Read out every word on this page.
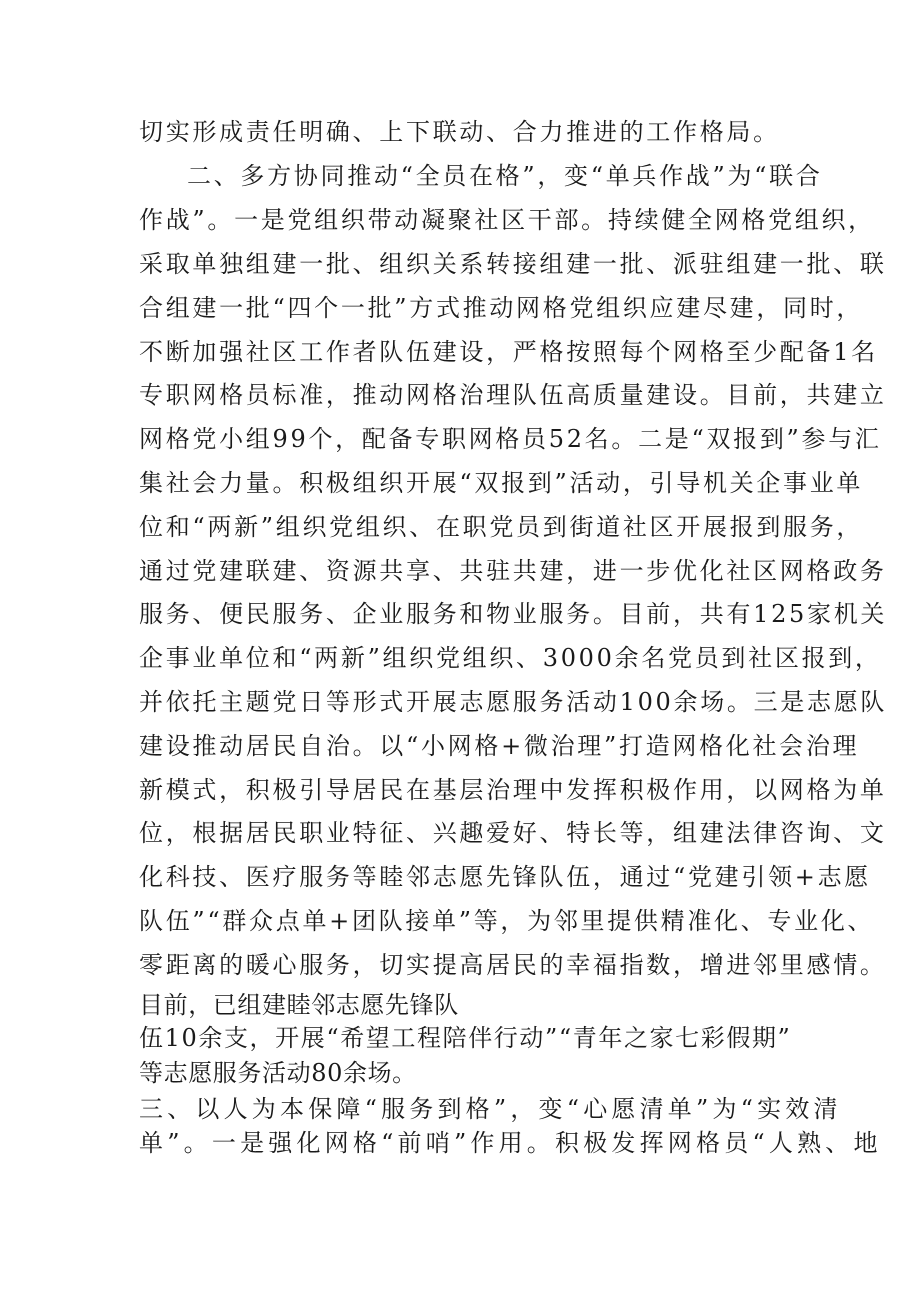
切实形成责任明确、上下联动、合力推进的工作格局。

二、多方协同推动“全员在格”，变“单兵作战”为“联合

作战”。一是党组织带动凝聚社区干部。持续健全网格党组织，

采取单独组建一批、组织关系转接组建一批、派驻组建一批、联

合组建一批“四个一批”方式推动网格党组织应建尽建，同时，

不断加强社区工作者队伍建设，严格按照每个网格至少配备1名

专职网格员标准，推动网格治理队伍高质量建设。目前，共建立

网格党小组99个，配备专职网格员52名。二是“双报到”参与汇

集社会力量。积极组织开展“双报到”活动，引导机关企事业单

位和“两新”组织党组织、在职党员到街道社区开展报到服务，

通过党建联建、资源共享、共驻共建，进一步优化社区网格政务

服务、便民服务、企业服务和物业服务。目前，共有125家机关

企事业单位和“两新”组织党组织、3000余名党员到社区报到，

并依托主题党日等形式开展志愿服务活动100余场。三是志愿队

建设推动居民自治。以“小网格+微治理”打造网格化社会治理

新模式，积极引导居民在基层治理中发挥积极作用，以网格为单

位，根据居民职业特征、兴趣爱好、特长等，组建法律咨询、文

化科技、医疗服务等睦邻志愿先锋队伍，通过“党建引领+志愿

队伍”“群众点单+团队接单”等，为邻里提供精准化、专业化、

零距离的暖心服务，切实提高居民的幸福指数，增进邻里感情。

目前，已组建睦邻志愿先锋队

伍10余支，开展“希望工程陪伴行动”“青年之家七彩假期”

等志愿服务活动80余场。

三、以人为本保障“服务到格”，变“心愿清单”为“实效清

单”。一是强化网格“前哨”作用。积极发挥网格员“人熟、地
